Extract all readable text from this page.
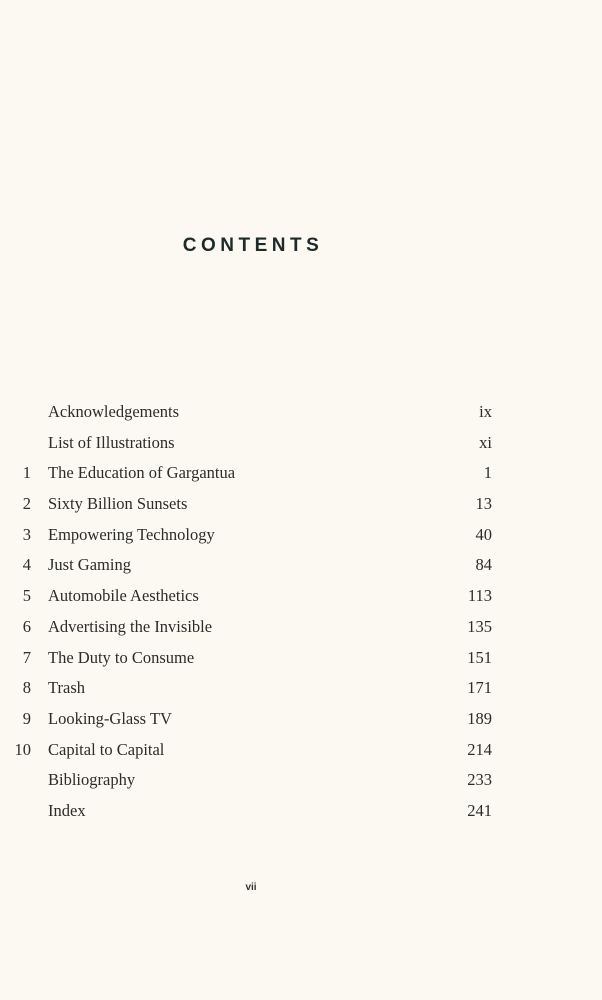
CONTENTS
Acknowledgements	ix
List of Illustrations	xi
1 The Education of Gargantua	1
2 Sixty Billion Sunsets	13
3 Empowering Technology	40
4 Just Gaming	84
5 Automobile Aesthetics	113
6 Advertising the Invisible	135
7 The Duty to Consume	151
8 Trash	171
9 Looking-Glass TV	189
10 Capital to Capital	214
Bibliography	233
Index	241
vii
